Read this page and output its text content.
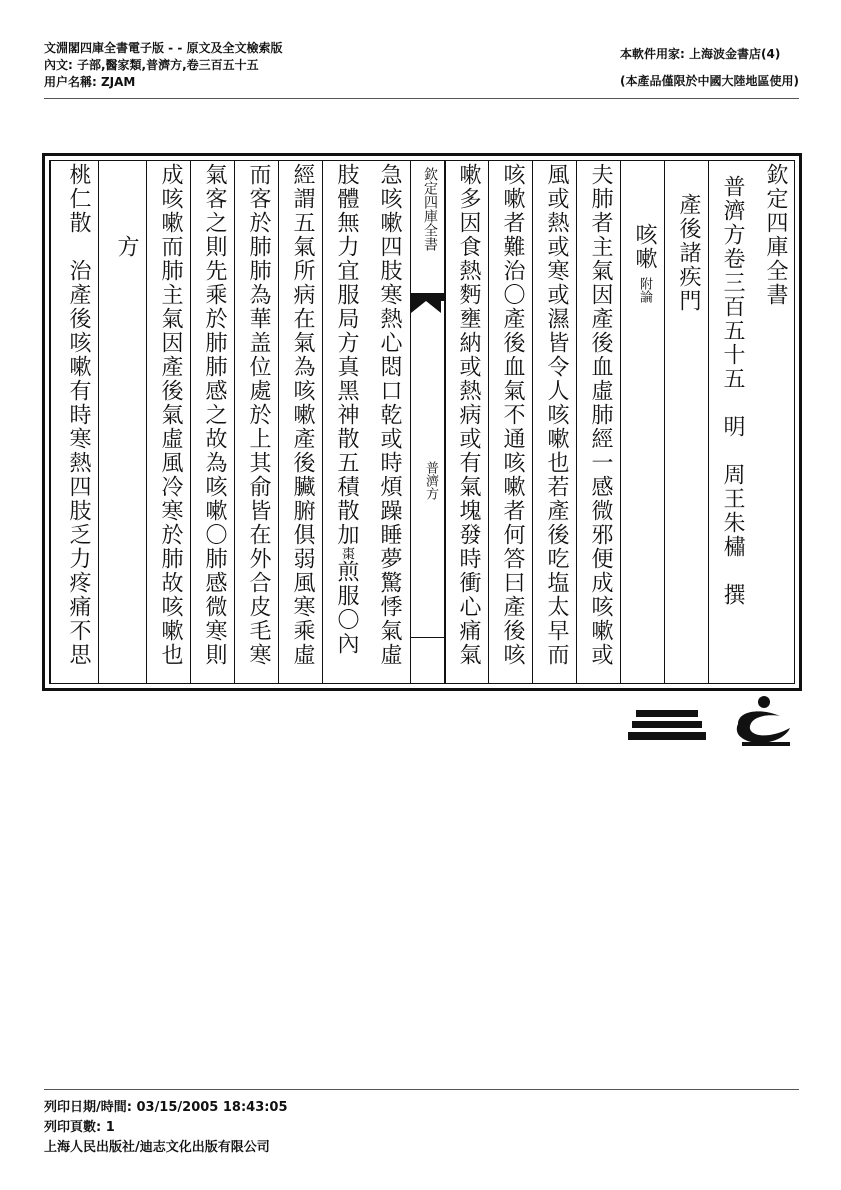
文淵閣四庫全書電子版 - - 原文及全文檢索版
內文: 子部,醫家類,普濟方,卷三百五十五
用户名稱: ZJAM
本軟件用家: 上海波金書店(4)
(本產品僅限於中國大陸地區使用)
欽定四庫全書
普濟方卷三百五十五　明　周王朱橚　撰
產後諸疾門
咳嗽附論
夫肺者主氣因產後血虛肺經一感微邪便成咳嗽或
風或熱或寒或濕皆令人咳嗽也若產後吃塩太早而
咳嗽者難治〇產後血氣不通咳嗽者何答曰產後咳
嗽多因食熱麪壅納或熱病或有氣塊發時衝心痛氣
欽定四庫全書
普濟方
急咳嗽四肢寒熱心悶口乾或時煩躁睡夢驚悸氣虛
肢體無力宜服局方真黑神散五積散加棗煎服〇內
經謂五氣所病在氣為咳嗽產後臟腑俱弱風寒乘虛
而客於肺肺為華盖位處於上其俞皆在外合皮毛寒
氣客之則先乘於肺肺感之故為咳嗽〇肺感微寒則
成咳嗽而肺主氣因產後氣虛風冷寒於肺故咳嗽也
方
桃仁散　治產後咳嗽有時寒熱四肢乏力疼痛不思
列印日期/時間: 03/15/2005 18:43:05
列印頁數: 1
上海人民出版社/迪志文化出版有限公司
